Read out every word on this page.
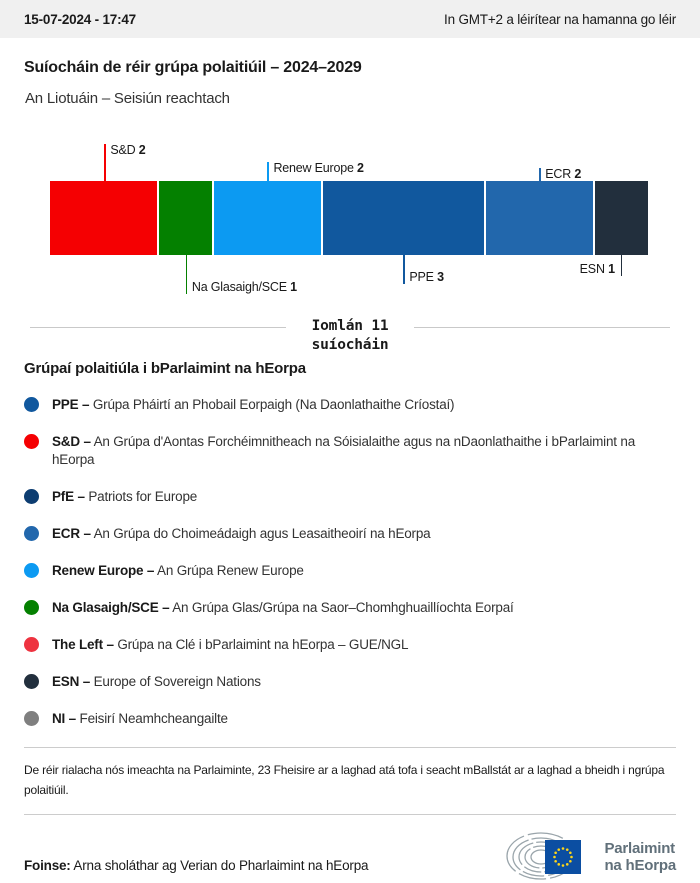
15-07-2024 - 17:47	In GMT+2 a léirítear na hamanna go léir
Suíocháin de réir grúpa polaitiúil – 2024–2029
An Liotuáin – Seisiún reachtach
S&D 2
Na Glasaigh/SCE 1
Renew Europe 2
PPE 3
ECR 2
ESN 1
Iomlán 11
suíocháin
Grúpaí polaitiúla i bParlaimint na hEorpa
PPE – Grúpa Pháirtí an Phobail Eorpaigh (Na Daonlathaithe Críostaí)
S&D – An Grúpa d'Aontas Forchéimnitheach na Sóisialaithe agus na nDaonlathaithe i bParlaimint na hEorpa
PfE – Patriots for Europe
ECR – An Grúpa do Choimeádaigh agus Leasaitheoirí na hEorpa
Renew Europe – An Grúpa Renew Europe
Na Glasaigh/SCE – An Grúpa Glas/Grúpa na Saor–Chomhghuaillíochta Eorpaí
The Left – Grúpa na Clé i bParlaimint na hEorpa – GUE/NGL
ESN – Europe of Sovereign Nations
NI – Feisirí Neamhcheangailte

De réir rialacha nós imeachta na Parlaiminte, 23 Fheisire ar a laghad atá tofa i seacht mBallstát ar a laghad a bheidh i ngrúpa polaitiúil.

Foinse: Arna sholáthar ag Verian do Pharlaimint na hEorpa

Parlaimint
na hEorpa
